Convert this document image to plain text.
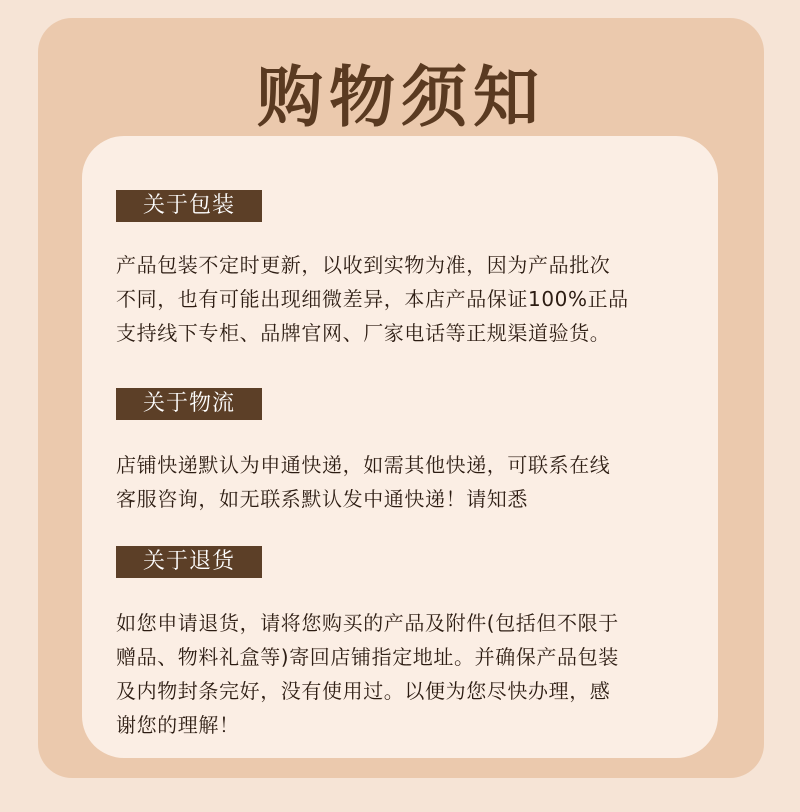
购物须知
关于包装
产品包装不定时更新，以收到实物为准，因为产品批次
不同，也有可能出现细微差异，本店产品保证100%正品
支持线下专柜、品牌官网、厂家电话等正规渠道验货。
关于物流
店铺快递默认为申通快递，如需其他快递，可联系在线
客服咨询，如无联系默认发中通快递！请知悉
关于退货
如您申请退货，请将您购买的产品及附件(包括但不限于
赠品、物料礼盒等)寄回店铺指定地址。并确保产品包装
及内物封条完好，没有使用过。以便为您尽快办理，感
谢您的理解！
